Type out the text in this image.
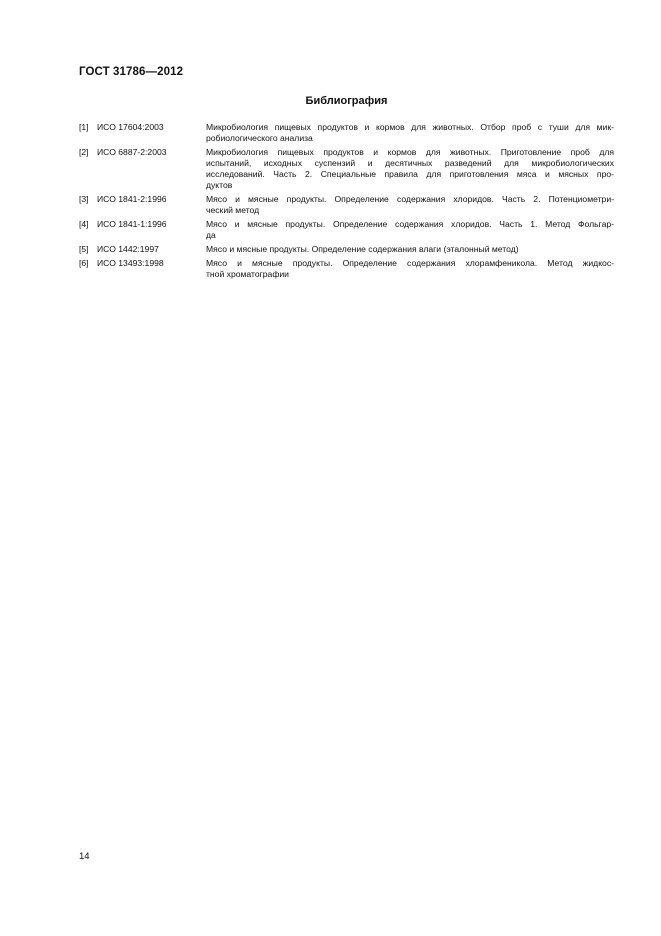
ГОСТ 31786—2012
Библиография
[1] ИСО 17604:2003	Микробиология пищевых продуктов и кормов для животных. Отбор проб с туши для мик-
робиологического анализа
[2] ИСО 6887-2:2003	Микробиология пищевых продуктов и кормов для животных. Приготовление проб для
испытаний, исходных суспензий и десятичных разведений для микробиологических
исследований. Часть 2. Специальные правила для приготовления мяса и мясных про-
дуктов
[3] ИСО 1841-2:1996	Мясо и мясные продукты. Определение содержания хлоридов. Часть 2. Потенциометри-
ческий метод
[4] ИСО 1841-1:1996	Мясо и мясные продукты. Определение содержания хлоридов. Часть 1. Метод Фольгар-
да
[5] ИСО 1442:1997	Мясо и мясные продукты. Определение содержания влаги (эталонный метод)
[6] ИСО 13493:1998	Мясо и мясные продукты. Определение содержания хлорамфеникола. Метод жидкос-
тной хроматографии
14
